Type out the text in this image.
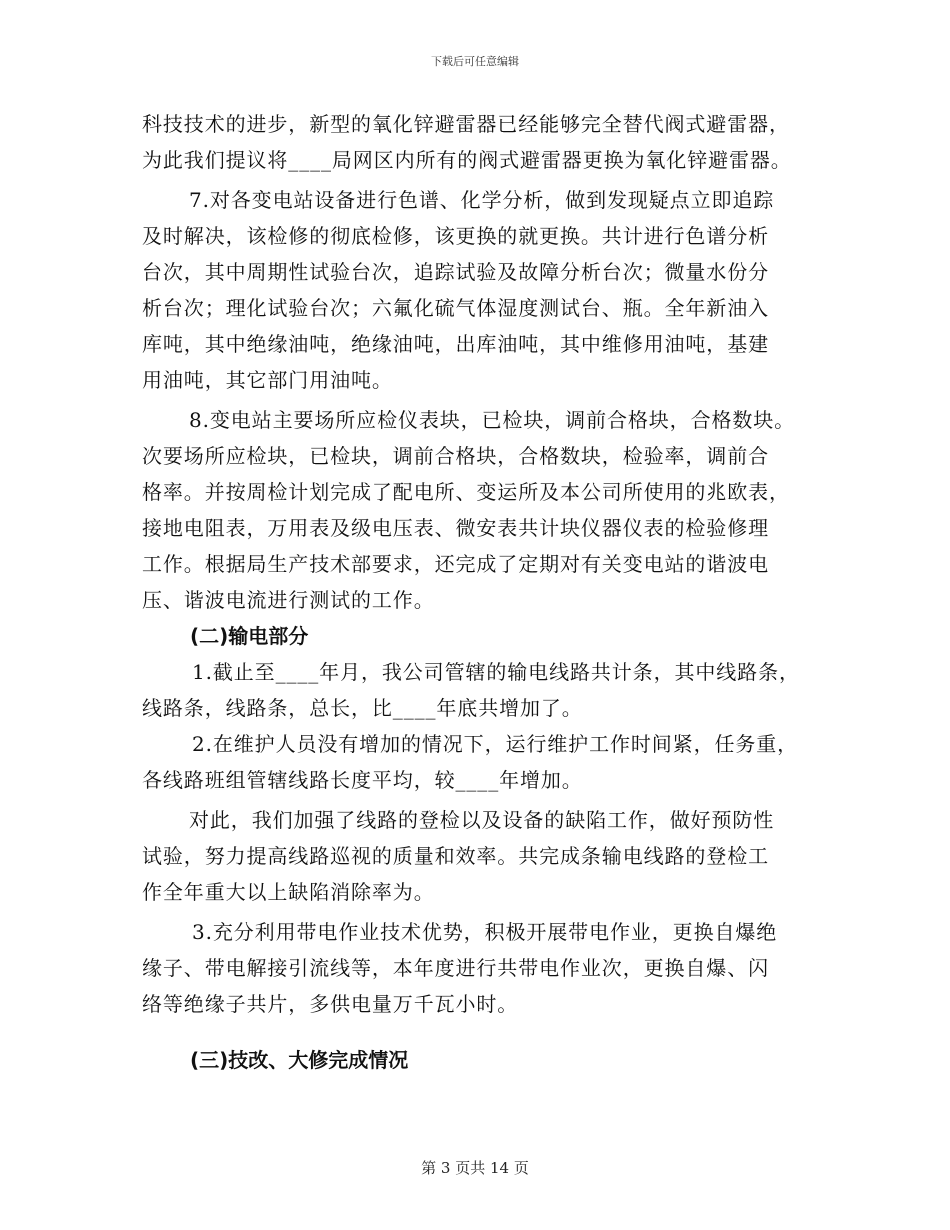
下载后可任意编辑
科技技术的进步，新型的氧化锌避雷器已经能够完全替代阀式避雷器，
为此我们提议将____局网区内所有的阀式避雷器更换为氧化锌避雷器。
7.对各变电站设备进行色谱、化学分析，做到发现疑点立即追踪
及时解决，该检修的彻底检修，该更换的就更换。共计进行色谱分析
台次，其中周期性试验台次，追踪试验及故障分析台次；微量水份分
析台次；理化试验台次；六氟化硫气体湿度测试台、瓶。全年新油入
库吨，其中绝缘油吨，绝缘油吨，出库油吨，其中维修用油吨，基建
用油吨，其它部门用油吨。
8.变电站主要场所应检仪表块，已检块，调前合格块，合格数块。
次要场所应检块，已检块，调前合格块，合格数块，检验率，调前合
格率。并按周检计划完成了配电所、变运所及本公司所使用的兆欧表，
接地电阻表，万用表及级电压表、微安表共计块仪器仪表的检验修理
工作。根据局生产技术部要求，还完成了定期对有关变电站的谐波电
压、谐波电流进行测试的工作。
(二)输电部分
1.截止至____年月，我公司管辖的输电线路共计条，其中线路条，
线路条，线路条，总长，比____年底共增加了。
2.在维护人员没有增加的情况下，运行维护工作时间紧，任务重，
各线路班组管辖线路长度平均，较____年增加。
对此，我们加强了线路的登检以及设备的缺陷工作，做好预防性
试验，努力提高线路巡视的质量和效率。共完成条输电线路的登检工
作全年重大以上缺陷消除率为。
3.充分利用带电作业技术优势，积极开展带电作业，更换自爆绝
缘子、带电解接引流线等，本年度进行共带电作业次，更换自爆、闪
络等绝缘子共片，多供电量万千瓦小时。
(三)技改、大修完成情况
第 3 页共 14 页
